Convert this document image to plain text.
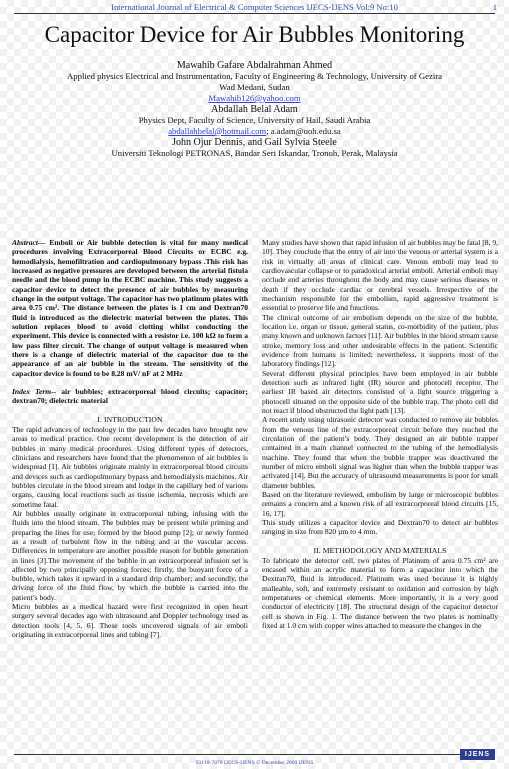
International Journal of Electrical & Computer Sciences IJECS-IJENS Vol:9 No:10	1
Capacitor Device for Air Bubbles Monitoring
Mawahib Gafare Abdalrahman Ahmed
Applied physics Electrical and Instrumentation, Faculty of Engineering & Technology, University of Gezira
Wad Medani, Sudan
Mawahib126@yahoo.com
Abdallah Belal Adam
Physics Dept, Faculty of Science, University of Hail, Saudi Arabia
abdallahbelal@hotmail.com; a.adam@uoh.edu.sa
John Ojur Dennis, and Gail Sylvia Steele
Universiti Teknologi PETRONAS, Bandar Seri Iskandar, Tronoh, Perak, Malaysia

Abstract— Emboli or Air bubble detection is vital for many medical procedures involving Extracorporeal Blood Circuits or ECBC e.g. hemodialysis, hemofiltration and cardiopulmonary bypass .This risk has increased as negative pressures are developed between the arterial fistula needle and the blood pump in the ECBC machine. This study suggests a capacitor device to detect the presence of air bubbles by measuring change in the output voltage. The capacitor has two platinum plates with area 0.75 cm². The distance between the plates is 1 cm and Dextran70 fluid is introduced as the dielectric material between the plates. This solution replaces blood to avoid clotting whilst conducting the experiment. This device is connected with a resistor i.e. 100 kΩ to form a low pass filter circuit. The change of output voltage is measured when there is a change of dielectric material of the capacitor due to the appearance of an air bubble in the stream. The sensitivity of the capacitor device is found to be 8.28 mV/ nF at 2 MHz

Index Term-- air bubbles; extracorporeal blood circuits; capacitor; dextran70; dielectric material

I. INTRODUCTION

The rapid advances of technology in the past few decades have brought new areas to medical practice. One recent development is the detection of air bubbles in many medical procedures. Using different types of detectors, clinicians and researchers have found that the phenomenon of air bubbles is widespread [1]. Air bubbles originate mainly in extracorporeal blood circuits and devices such as cardiopulmonary bypass and hemodialysis machines. Air bubbles circulate in the blood stream and lodge in the capillary bed of various organs, causing local reactions such as tissue ischemia, necrosis which are sometime fatal.

Air bubbles usually originate in extracorporeal tubing, infusing with the fluids into the blood stream. The bubbles may be present while priming and preparing the lines for use; formed by the blood pump [2]; or newly formed as a result of turbulent flow in the tubing and at the vascular access. Differences in temperature are another possible reason for bubble generation in lines [3].The movement of the bubble in an extracorporeal infusion set is affected by two principally opposing forces; firstly, the buoyant force of a bubble, which takes it upward in a standard drip chamber; and secondly, the driving force of the fluid flow, by which the bubble is carried into the patient’s body.

Micro bubbles as a medical hazard were first recognized in open heart surgery several decades ago with ultrasound and Doppler technology used as detection tools [4, 5, 6]. These tools uncovered signals of air emboli originating in extracorporeal lines and tubing [7].

Many studies have shown that rapid infusion of air bubbles may be fatal [8, 9, 10]. They conclude that the entry of air into the venous or arterial system is a risk in virtually all areas of clinical care. Venous emboli may lead to cardiovascular collapse or to paradoxical arterial emboli. Arterial emboli may occlude end arteries throughout the body and may cause serious diseases or death if they occlude cardiac or cerebral vessels. Irrespective of the mechanism responsible for the embolism, rapid aggressive treatment is essential to preserve life and functions.

The clinical outcome of air embolism depends on the size of the bubble, location i.e. organ or tissue, general status, co-morbidity of the patient, plus many known and unknown factors [11]. Air bubbles in the blood stream cause stroke, memory loss and other undesirable effects in the patient. Scientific evidence from humans is limited; nevertheless, it supports most of the laboratory findings [12].

Several different physical principles have been employed in air bubble detection such as infrared light (IR) source and photocell receptor. The earliest IR based air detectors consisted of a light source triggering a photocell situated on the opposite side of the bubble trap. The photo cell did not react if blood obstructed the light path [13].

A recent study using ultrasonic detector was conducted to remove air bubbles from the venous line of the extracorporeal circuit before they reached the circulation of the patient’s body. They designed an air bubble trapper contained in a main channel connected to the tubing of the hemodialysis machine. They found that when the bubble trapper was deactivated the number of micro emboli signal was higher than when the bubble trapper was activated [14]. But the accuracy of ultrasound measurements is poor for small diameter bubbles.

Based on the literature reviewed, embolism by large or microscopic bubbles remains a concern and a known risk of all extracorporeal blood circuits [15, 16, 17].

This study utilizes a capacitor device and Dextran70 to detect air bubbles ranging in size from 820 µm to 4 mm.

II. METHODOLOGY AND MATERIALS

To fabricate the detector cell, two plates of Platinum of area 0.75 cm² are encased within an acrylic material to form a capacitor into which the Dextran70, fluid is introduced. Platinum was used because it is highly malleable, soft, and extremely resistant to oxidation and corrosion by high temperatures or chemical elements. More importantly, it is a very good conductor of electricity [18]. The structural design of the capacitor detector cell is shown in Fig. 1. The distance between the two plates is nominally fixed at 1.0 cm with copper wires attached to measure the changes in the

93110-7878 IJECS-IJENS © December 2009 IJENS
IJENS
